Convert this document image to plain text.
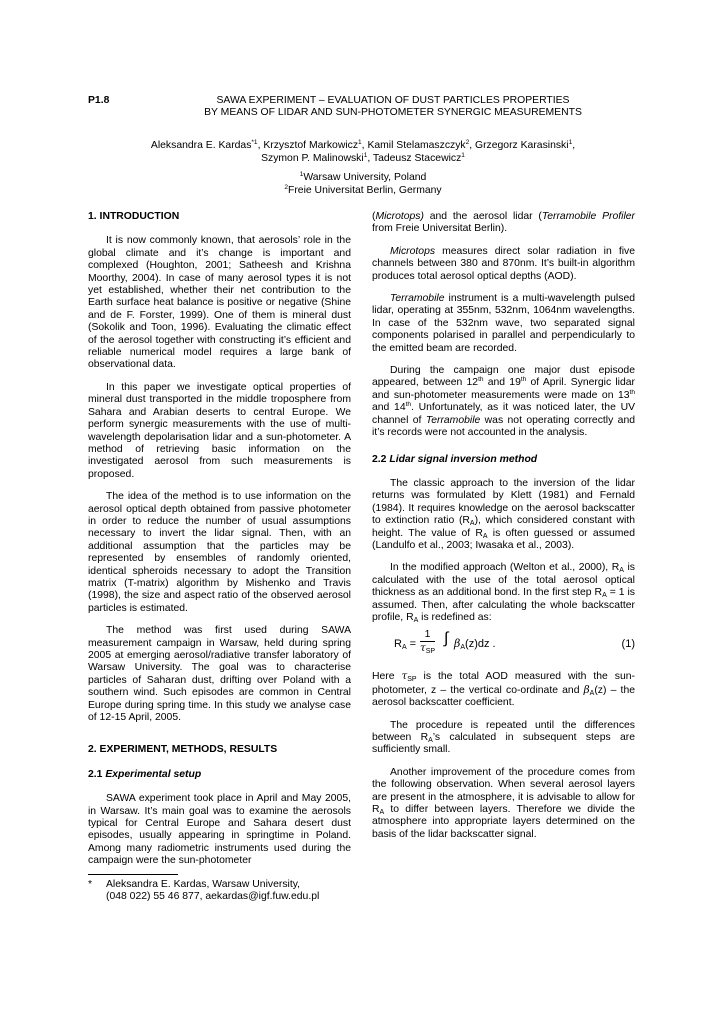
P1.8	SAWA EXPERIMENT – EVALUATION OF DUST PARTICLES PROPERTIES
BY MEANS OF LIDAR AND SUN-PHOTOMETER SYNERGIC MEASUREMENTS
Aleksandra E. Kardas$^{*1}$, Krzysztof Markowicz$^1$, Kamil Stelamaszczyk$^2$, Grzegorz Karasinski$^1$,
Szymon P. Malinowski$^1$, Tadeusz Stacewicz$^1$
$^1$Warsaw University, Poland
$^2$Freie Universitat Berlin, Germany
1. INTRODUCTION

It is now commonly known, that aerosols’ role in the global climate and it’s change is important and complexed (Houghton, 2001; Satheesh and Krishna Moorthy, 2004). In case of many aerosol types it is not yet established, whether their net contribution to the Earth surface heat balance is positive or negative (Shine and de F. Forster, 1999). One of them is mineral dust (Sokolik and Toon, 1996). Evaluating the climatic effect of the aerosol together with constructing it’s efficient and reliable numerical model requires a large bank of observational data.

In this paper we investigate optical properties of mineral dust transported in the middle troposphere from Sahara and Arabian deserts to central Europe. We perform synergic measurements with the use of multi-wavelength depolarisation lidar and a sun-photometer. A method of retrieving basic information on the investigated aerosol from such measurements is proposed.

The idea of the method is to use information on the aerosol optical depth obtained from passive photometer in order to reduce the number of usual assumptions necessary to invert the lidar signal. Then, with an additional assumption that the particles may be represented by ensembles of randomly oriented, identical spheroids necessary to adopt the Transition matrix (T-matrix) algorithm by Mishenko and Travis (1998), the size and aspect ratio of the observed aerosol particles is estimated.

The method was first used during SAWA measurement campaign in Warsaw, held during spring 2005 at emerging aerosol/radiative transfer laboratory of Warsaw University. The goal was to characterise particles of Saharan dust, drifting over Poland with a southern wind. Such episodes are common in Central Europe during spring time. In this study we analyse case of 12-15 April, 2005.

2. EXPERIMENT, METHODS, RESULTS
2.1 Experimental setup

SAWA experiment took place in April and May 2005, in Warsaw. It’s main goal was to examine the aerosols typical for Central Europe and Sahara desert dust episodes, usually appearing in springtime in Poland. Among many radiometric instruments used during the campaign were the sun-photometer

* Aleksandra E. Kardas, Warsaw University,
(048 022) 55 46 877, aekardas@igf.fuw.edu.pl

(Microtops) and the aerosol lidar (Terramobile Profiler from Freie Universitat Berlin).

Microtops measures direct solar radiation in five channels between 380 and 870nm. It’s built-in algorithm produces total aerosol optical depths (AOD).

Terramobile instrument is a multi-wavelength pulsed lidar, operating at 355nm, 532nm, 1064nm wavelengths. In case of the 532nm wave, two separated signal components polarised in parallel and perpendicularly to the emitted beam are recorded.

During the campaign one major dust episode appeared, between 12th and 19th of April. Synergic lidar and sun-photometer measurements were made on 13th and 14th. Unfortunately, as it was noticed later, the UV channel of Terramobile was not operating correctly and it’s records were not accounted in the analysis.

2.2 Lidar signal inversion method

The classic approach to the inversion of the lidar returns was formulated by Klett (1981) and Fernald (1984). It requires knowledge on the aerosol backscatter to extinction ratio $(R_A)$, which considered constant with height. The value of $R_A$ is often guessed or assumed (Landulfo et al., 2003; Iwasaka et al., 2003).

In the modified approach (Welton et al., 2000), $R_A$ is calculated with the use of the total aerosol optical thickness as an additional bond. In the first step $R_A = 1$ is assumed. Then, after calculating the whole backscatter profile, $R_A$ is redefined as:

$R_A$ =
1
$\tau_{SP}$
∫ $\beta_A(z)dz$ .	(1)

Here $\tau_{SP}$ is the total AOD measured with the sun-photometer, z – the vertical co-ordinate and $\beta_A(z)$ – the aerosol backscatter coefficient.

The procedure is repeated until the differences between $R_A’s$ calculated in subsequent steps are sufficiently small.

Another improvement of the procedure comes from the following observation. When several aerosol layers are present in the atmosphere, it is advisable to allow for $R_A$ to differ between layers. Therefore we divide the atmosphere into appropriate layers determined on the basis of the lidar backscatter signal.
